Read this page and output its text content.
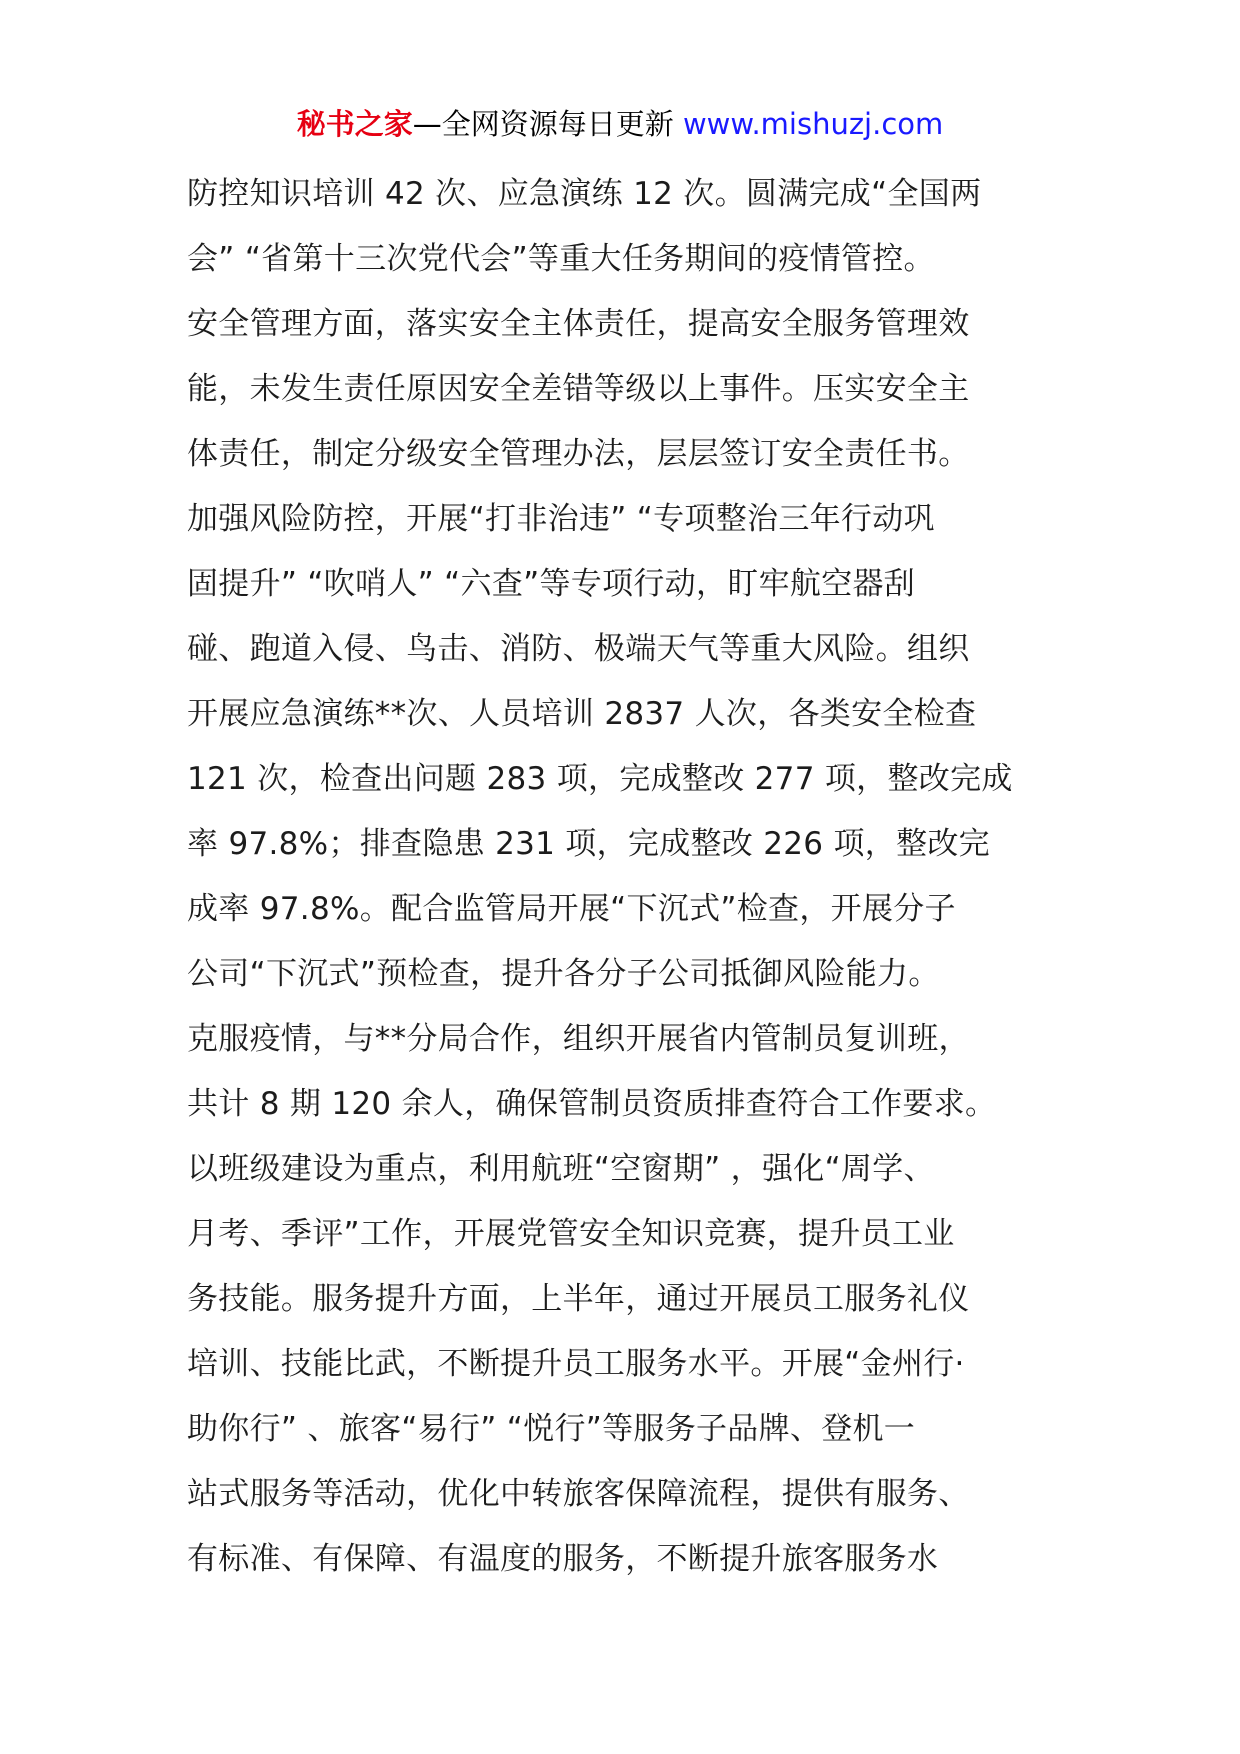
秘书之家—全网资源每日更新 www.mishuzj.com
防控知识培训 42 次、应急演练 12 次。圆满完成“全国两
会” “省第十三次党代会”等重大任务期间的疫情管控。
安全管理方面，落实安全主体责任，提高安全服务管理效
能，未发生责任原因安全差错等级以上事件。压实安全主
体责任，制定分级安全管理办法，层层签订安全责任书。
加强风险防控，开展“打非治违” “专项整治三年行动巩
固提升” “吹哨人” “六查”等专项行动，盯牢航空器刮
碰、跑道入侵、鸟击、消防、极端天气等重大风险。组织
开展应急演练**次、人员培训 2837 人次，各类安全检查
121 次，检查出问题 283 项，完成整改 277 项，整改完成
率 97.8%；排查隐患 231 项，完成整改 226 项，整改完
成率 97.8%。配合监管局开展“下沉式”检查，开展分子
公司“下沉式”预检查，提升各分子公司抵御风险能力。
克服疫情，与**分局合作，组织开展省内管制员复训班，
共计 8 期 120 余人，确保管制员资质排查符合工作要求。
以班级建设为重点，利用航班“空窗期” ，强化“周学、
月考、季评”工作，开展党管安全知识竞赛，提升员工业
务技能。服务提升方面，上半年，通过开展员工服务礼仪
培训、技能比武，不断提升员工服务水平。开展“金州行·
助你行” 、旅客“易行” “悦行”等服务子品牌、登机一
站式服务等活动，优化中转旅客保障流程，提供有服务、
有标准、有保障、有温度的服务，不断提升旅客服务水
